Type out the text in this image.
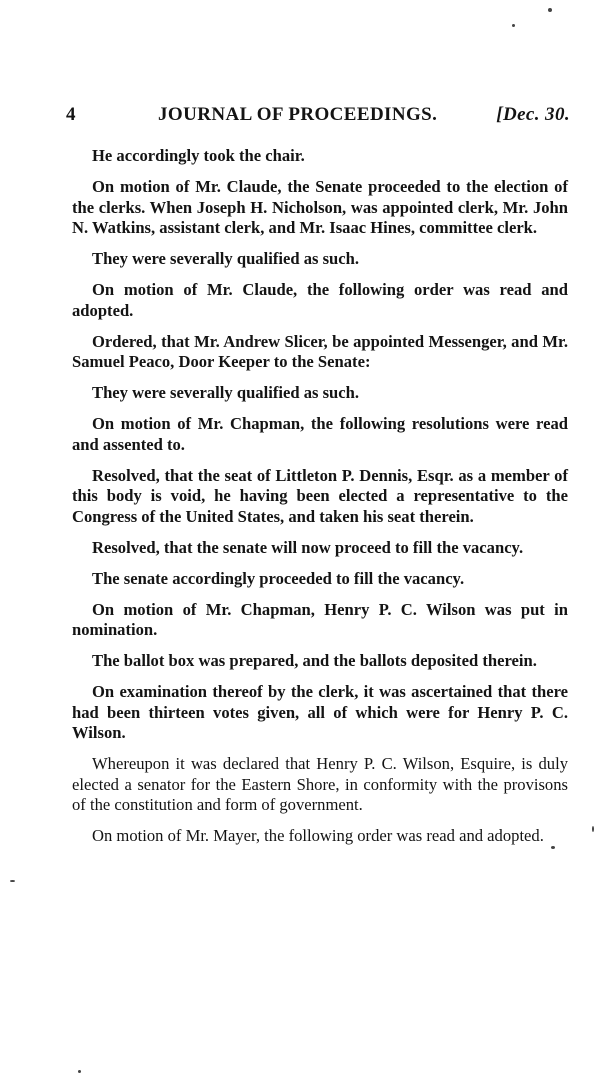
4	JOURNAL OF PROCEEDINGS.	[Dec. 30.

He accordingly took the chair.

On motion of Mr. Claude, the Senate proceeded to the election of the clerks. When Joseph H. Nicholson, was appointed clerk, Mr. John N. Watkins, assistant clerk, and Mr. Isaac Hines, committee clerk.

They were severally qualified as such.

On motion of Mr. Claude, the following order was read and adopted.

Ordered, that Mr. Andrew Slicer, be appointed Messenger, and Mr. Samuel Peaco, Door Keeper to the Senate:

They were severally qualified as such.

On motion of Mr. Chapman, the following resolutions were read and assented to.

Resolved, that the seat of Littleton P. Dennis, Esqr. as a member of this body is void, he having been elected a representative to the Congress of the United States, and taken his seat therein.

Resolved, that the senate will now proceed to fill the vacancy.

The senate accordingly proceeded to fill the vacancy.

On motion of Mr. Chapman, Henry P. C. Wilson was put in nomination.

The ballot box was prepared, and the ballots deposited therein.

On examination thereof by the clerk, it was ascertained that there had been thirteen votes given, all of which were for Henry P. C. Wilson.

Whereupon it was declared that Henry P. C. Wilson, Esquire, is duly elected a senator for the Eastern Shore, in conformity with the provisons of the constitution and form of government.

On motion of Mr. Mayer, the following order was read and adopted.
